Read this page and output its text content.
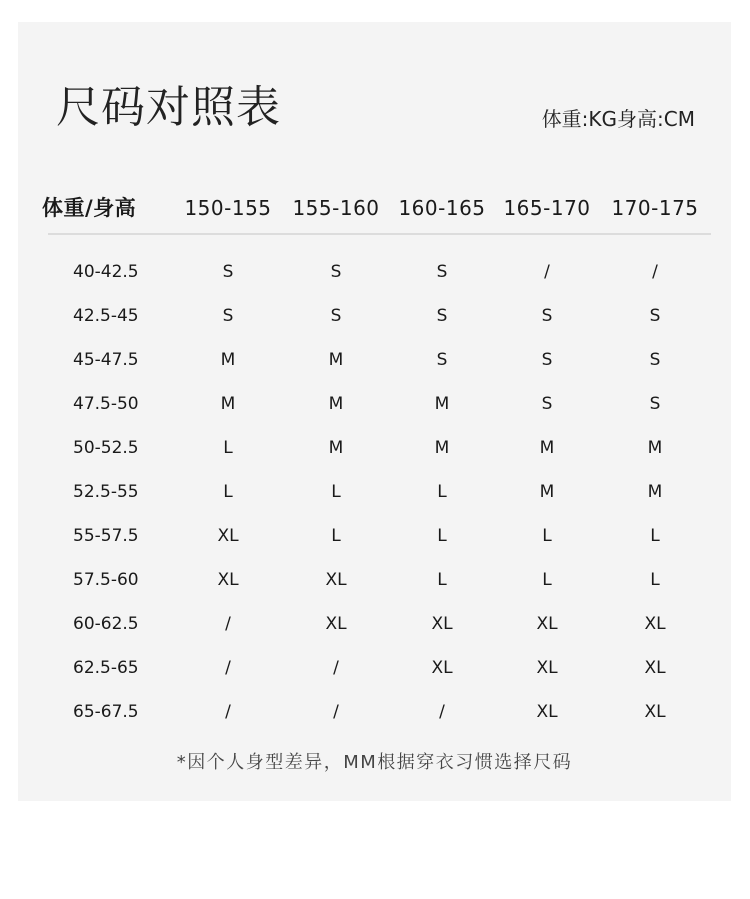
尺码对照表	体重:KG身高:CM
体重/身高	150-155	155-160 160-165 165-170	170-175
40-42.5	S	S	S	/	/
42.5-45	S	S	S	S	S
45-47.5	M	M	S	S	S
47.5-50	M	M	M	S	S
50-52.5	L	M	M	M	M
52.5-55	L	L	L	M	M
55-57.5	XL	L	L	L	L
57.5-60	XL	XL	L	L	L
60-62.5	/	XL	XL	XL	XL
62.5-65	/	/	XL	XL	XL
65-67.5	/	/	/	XL	XL
*因个人身型差异，MM根据穿衣习惯选择尺码
